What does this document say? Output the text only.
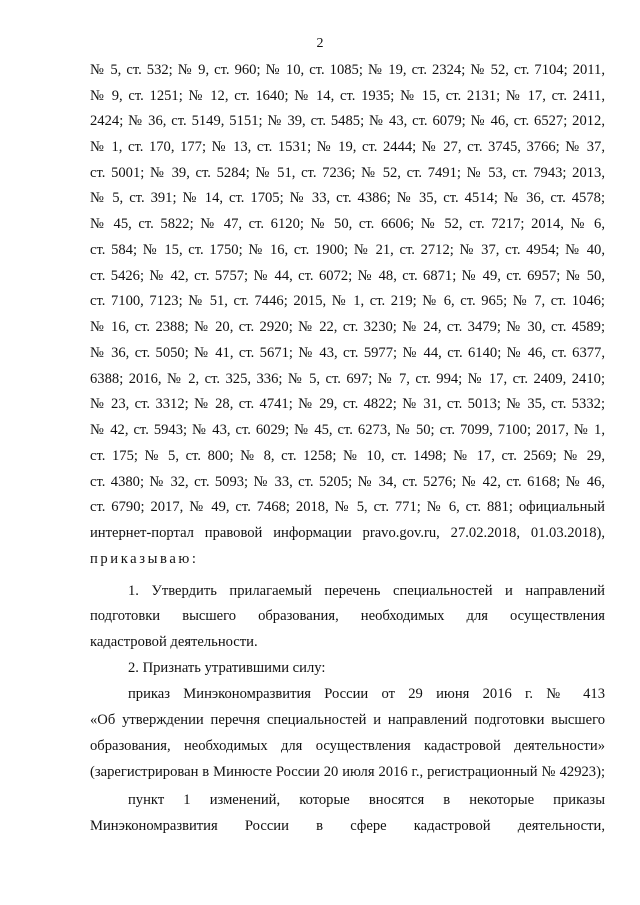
2
№ 5, ст. 532; № 9, ст. 960; № 10, ст. 1085; № 19, ст. 2324; № 52, ст. 7104; 2011,
№ 9, ст. 1251; № 12, ст. 1640; № 14, ст. 1935; № 15, ст. 2131; № 17, ст. 2411,
2424; № 36, ст. 5149, 5151; № 39, ст. 5485; № 43, ст. 6079; № 46, ст. 6527; 2012,
№ 1, ст. 170, 177; № 13, ст. 1531; № 19, ст. 2444; № 27, ст. 3745, 3766; № 37,
ст. 5001; № 39, ст. 5284; № 51, ст. 7236; № 52, ст. 7491; № 53, ст. 7943; 2013,
№ 5, ст. 391; № 14, ст. 1705; № 33, ст. 4386; № 35, ст. 4514; № 36, ст. 4578;
№ 45, ст. 5822; № 47, ст. 6120; № 50, ст. 6606; № 52, ст. 7217; 2014, № 6,
ст. 584; № 15, ст. 1750; № 16, ст. 1900; № 21, ст. 2712; № 37, ст. 4954; № 40,
ст. 5426; № 42, ст. 5757; № 44, ст. 6072; № 48, ст. 6871; № 49, ст. 6957; № 50,
ст. 7100, 7123; № 51, ст. 7446; 2015, № 1, ст. 219; № 6, ст. 965; № 7, ст. 1046;
№ 16, ст. 2388; № 20, ст. 2920; № 22, ст. 3230; № 24, ст. 3479; № 30, ст. 4589;
№ 36, ст. 5050; № 41, ст. 5671; № 43, ст. 5977; № 44, ст. 6140; № 46, ст. 6377,
6388; 2016, № 2, ст. 325, 336; № 5, ст. 697; № 7, ст. 994; № 17, ст. 2409, 2410;
№ 23, ст. 3312; № 28, ст. 4741; № 29, ст. 4822; № 31, ст. 5013; № 35, ст. 5332;
№ 42, ст. 5943; № 43, ст. 6029; № 45, ст. 6273, № 50; ст. 7099, 7100; 2017, № 1,
ст. 175; № 5, ст. 800; № 8, ст. 1258; № 10, ст. 1498; № 17, ст. 2569; № 29,
ст. 4380; № 32, ст. 5093; № 33, ст. 5205; № 34, ст. 5276; № 42, ст. 6168; № 46,
ст. 6790; 2017, № 49, ст. 7468; 2018, № 5, ст. 771; № 6, ст. 881; официальный
интернет-портал правовой информации pravo.gov.ru, 27.02.2018, 01.03.2018),
приказываю:
1. Утвердить прилагаемый перечень специальностей и направлений
подготовки высшего образования, необходимых для осуществления
кадастровой деятельности.
2. Признать утратившими силу:
приказ Минэкономразвития России от 29 июня 2016 г. № 413
«Об утверждении перечня специальностей и направлений подготовки высшего
образования, необходимых для осуществления кадастровой деятельности»
(зарегистрирован в Минюсте России 20 июля 2016 г., регистрационный № 42923);
пункт 1 изменений, которые вносятся в некоторые приказы
Минэкономразвития России в сфере кадастровой деятельности,
